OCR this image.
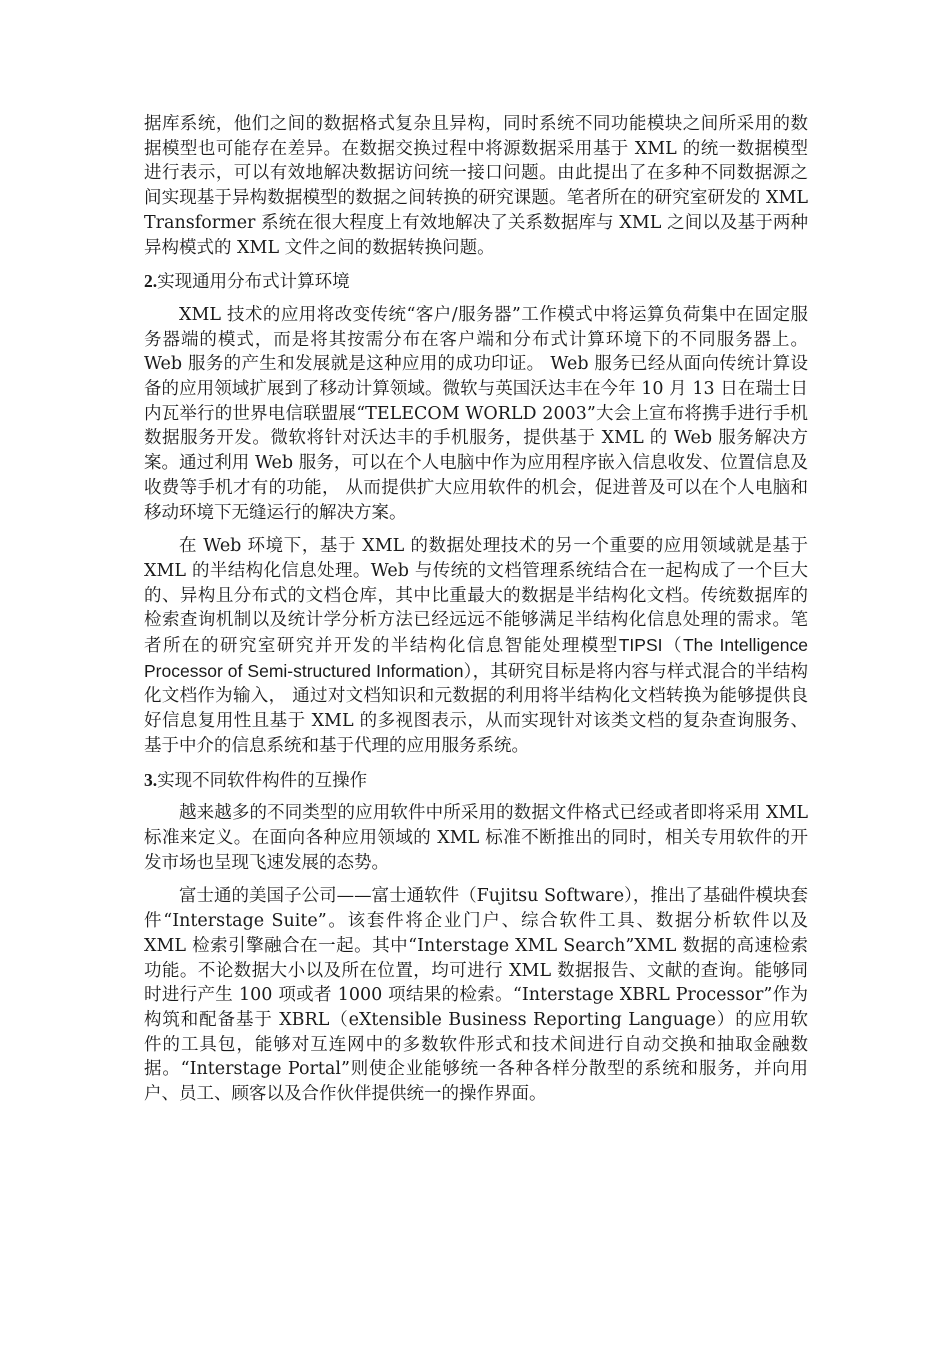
据库系统，他们之间的数据格式复杂且异构，同时系统不同功能模块之间所采用的数据模型也可能存在差异。在数据交换过程中将源数据采用基于 XML 的统一数据模型进行表示，可以有效地解决数据访问统一接口问题。由此提出了在多种不同数据源之间实现基于异构数据模型的数据之间转换的研究课题。笔者所在的研究室研发的 XML Transformer 系统在很大程度上有效地解决了关系数据库与 XML 之间以及基于两种异构模式的 XML 文件之间的数据转换问题。

2.实现通用分布式计算环境

XML 技术的应用将改变传统“客户/服务器”工作模式中将运算负荷集中在固定服务器端的模式，而是将其按需分布在客户端和分布式计算环境下的不同服务器上。Web 服务的产生和发展就是这种应用的成功印证。 Web 服务已经从面向传统计算设备的应用领域扩展到了移动计算领域。微软与英国沃达丰在今年 10 月 13 日在瑞士日内瓦举行的世界电信联盟展“TELECOM WORLD 2003”大会上宣布将携手进行手机数据服务开发。微软将针对沃达丰的手机服务，提供基于 XML 的 Web 服务解决方案。通过利用 Web 服务，可以在个人电脑中作为应用程序嵌入信息收发、位置信息及收费等手机才有的功能， 从而提供扩大应用软件的机会，促进普及可以在个人电脑和移动环境下无缝运行的解决方案。

在 Web 环境下，基于 XML 的数据处理技术的另一个重要的应用领域就是基于 XML 的半结构化信息处理。Web 与传统的文档管理系统结合在一起构成了一个巨大的、异构且分布式的文档仓库，其中比重最大的数据是半结构化文档。传统数据库的检索查询机制以及统计学分析方法已经远远不能够满足半结构化信息处理的需求。笔者所在的研究室研究并开发的半结构化信息智能处理模型TIPSI（The Intelligence Processor of Semi-structured Information），其研究目标是将内容与样式混合的半结构化文档作为输入， 通过对文档知识和元数据的利用将半结构化文档转换为能够提供良好信息复用性且基于 XML 的多视图表示，从而实现针对该类文档的复杂查询服务、 基于中介的信息系统和基于代理的应用服务系统。

3.实现不同软件构件的互操作

越来越多的不同类型的应用软件中所采用的数据文件格式已经或者即将采用 XML 标准来定义。在面向各种应用领域的 XML 标准不断推出的同时，相关专用软件的开发市场也呈现飞速发展的态势。

富士通的美国子公司——富士通软件（Fujitsu Software），推出了基础件模块套件“Interstage Suite”。该套件将企业门户、综合软件工具、数据分析软件以及 XML 检索引擎融合在一起。其中“Interstage XML Search”XML 数据的高速检索功能。不论数据大小以及所在位置，均可进行 XML 数据报告、文献的查询。能够同时进行产生 100 项或者 1000 项结果的检索。“Interstage XBRL Processor”作为构筑和配备基于 XBRL（eXtensible Business Reporting Language）的应用软件的工具包，能够对互连网中的多数软件形式和技术间进行自动交换和抽取金融数据。“Interstage Portal”则使企业能够统一各种各样分散型的系统和服务，并向用户、员工、顾客以及合作伙伴提供统一的操作界面。
